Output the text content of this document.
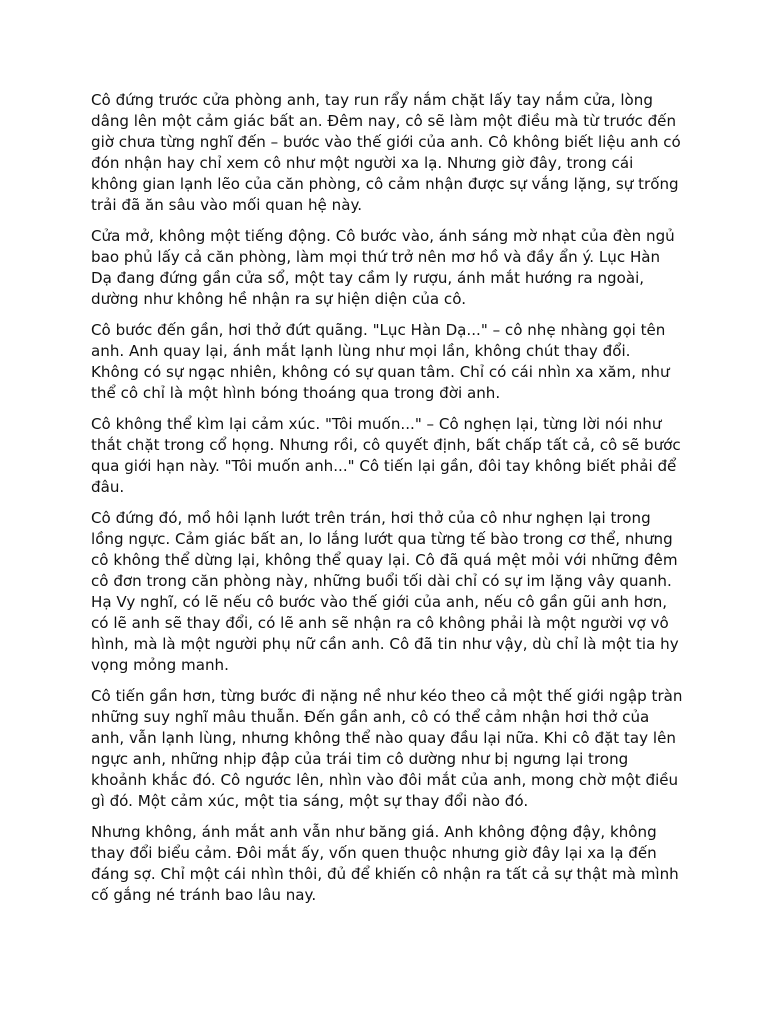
Cô đứng trước cửa phòng anh, tay run rẩy nắm chặt lấy tay nắm cửa, lòng dâng lên một cảm giác bất an. Đêm nay, cô sẽ làm một điều mà từ trước đến giờ chưa từng nghĩ đến – bước vào thế giới của anh. Cô không biết liệu anh có đón nhận hay chỉ xem cô như một người xa lạ. Nhưng giờ đây, trong cái không gian lạnh lẽo của căn phòng, cô cảm nhận được sự vắng lặng, sự trống trải đã ăn sâu vào mối quan hệ này.

Cửa mở, không một tiếng động. Cô bước vào, ánh sáng mờ nhạt của đèn ngủ bao phủ lấy cả căn phòng, làm mọi thứ trở nên mơ hồ và đầy ẩn ý. Lục Hàn Dạ đang đứng gần cửa sổ, một tay cầm ly rượu, ánh mắt hướng ra ngoài, dường như không hề nhận ra sự hiện diện của cô.

Cô bước đến gần, hơi thở đứt quãng. "Lục Hàn Dạ..." – cô nhẹ nhàng gọi tên anh. Anh quay lại, ánh mắt lạnh lùng như mọi lần, không chút thay đổi. Không có sự ngạc nhiên, không có sự quan tâm. Chỉ có cái nhìn xa xăm, như thể cô chỉ là một hình bóng thoáng qua trong đời anh.

Cô không thể kìm lại cảm xúc. "Tôi muốn..." – Cô nghẹn lại, từng lời nói như thắt chặt trong cổ họng. Nhưng rồi, cô quyết định, bất chấp tất cả, cô sẽ bước qua giới hạn này. "Tôi muốn anh..." Cô tiến lại gần, đôi tay không biết phải để đâu.

Cô đứng đó, mồ hôi lạnh lướt trên trán, hơi thở của cô như nghẹn lại trong lồng ngực. Cảm giác bất an, lo lắng lướt qua từng tế bào trong cơ thể, nhưng cô không thể dừng lại, không thể quay lại. Cô đã quá mệt mỏi với những đêm cô đơn trong căn phòng này, những buổi tối dài chỉ có sự im lặng vây quanh. Hạ Vy nghĩ, có lẽ nếu cô bước vào thế giới của anh, nếu cô gần gũi anh hơn, có lẽ anh sẽ thay đổi, có lẽ anh sẽ nhận ra cô không phải là một người vợ vô hình, mà là một người phụ nữ cần anh. Cô đã tin như vậy, dù chỉ là một tia hy vọng mỏng manh.

Cô tiến gần hơn, từng bước đi nặng nề như kéo theo cả một thế giới ngập tràn những suy nghĩ mâu thuẫn. Đến gần anh, cô có thể cảm nhận hơi thở của anh, vẫn lạnh lùng, nhưng không thể nào quay đầu lại nữa. Khi cô đặt tay lên ngực anh, những nhịp đập của trái tim cô dường như bị ngưng lại trong khoảnh khắc đó. Cô ngước lên, nhìn vào đôi mắt của anh, mong chờ một điều gì đó. Một cảm xúc, một tia sáng, một sự thay đổi nào đó.

Nhưng không, ánh mắt anh vẫn như băng giá. Anh không động đậy, không thay đổi biểu cảm. Đôi mắt ấy, vốn quen thuộc nhưng giờ đây lại xa lạ đến đáng sợ. Chỉ một cái nhìn thôi, đủ để khiến cô nhận ra tất cả sự thật mà mình cố gắng né tránh bao lâu nay.
